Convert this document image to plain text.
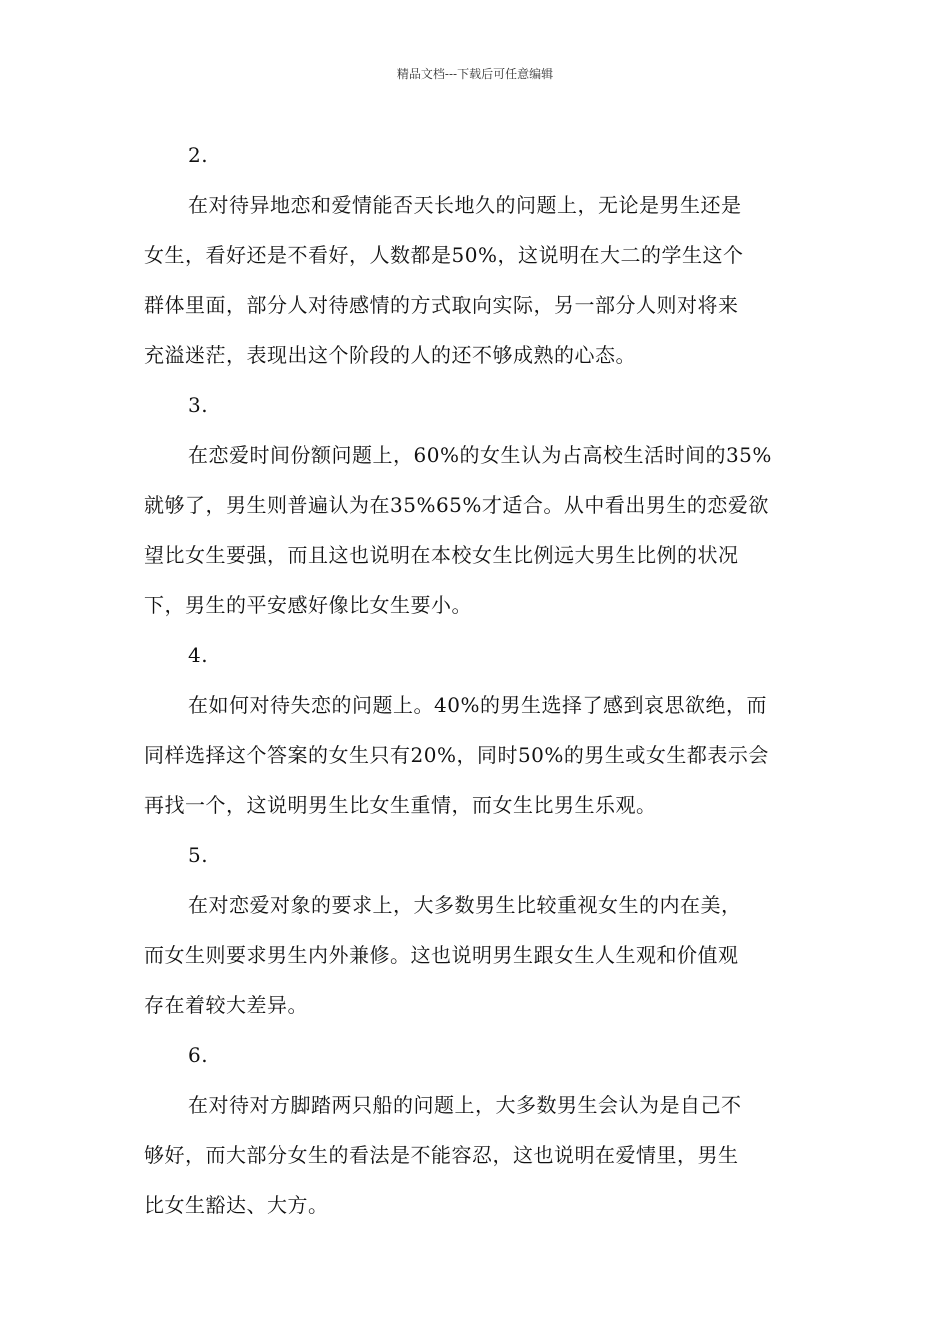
精品文档---下载后可任意编辑
2.
在对待异地恋和爱情能否天长地久的问题上，无论是男生还是
女生，看好还是不看好，人数都是50%，这说明在大二的学生这个
群体里面，部分人对待感情的方式取向实际，另一部分人则对将来
充溢迷茫，表现出这个阶段的人的还不够成熟的心态。
3.
在恋爱时间份额问题上，60%的女生认为占高校生活时间的35%
就够了，男生则普遍认为在35%65%才适合。从中看出男生的恋爱欲
望比女生要强，而且这也说明在本校女生比例远大男生比例的状况
下，男生的平安感好像比女生要小。
4.
在如何对待失恋的问题上。40%的男生选择了感到哀思欲绝，而
同样选择这个答案的女生只有20%，同时50%的男生或女生都表示会
再找一个，这说明男生比女生重情，而女生比男生乐观。
5.
在对恋爱对象的要求上，大多数男生比较重视女生的内在美，
而女生则要求男生内外兼修。这也说明男生跟女生人生观和价值观
存在着较大差异。
6.
在对待对方脚踏两只船的问题上，大多数男生会认为是自己不
够好，而大部分女生的看法是不能容忍，这也说明在爱情里，男生
比女生豁达、大方。
